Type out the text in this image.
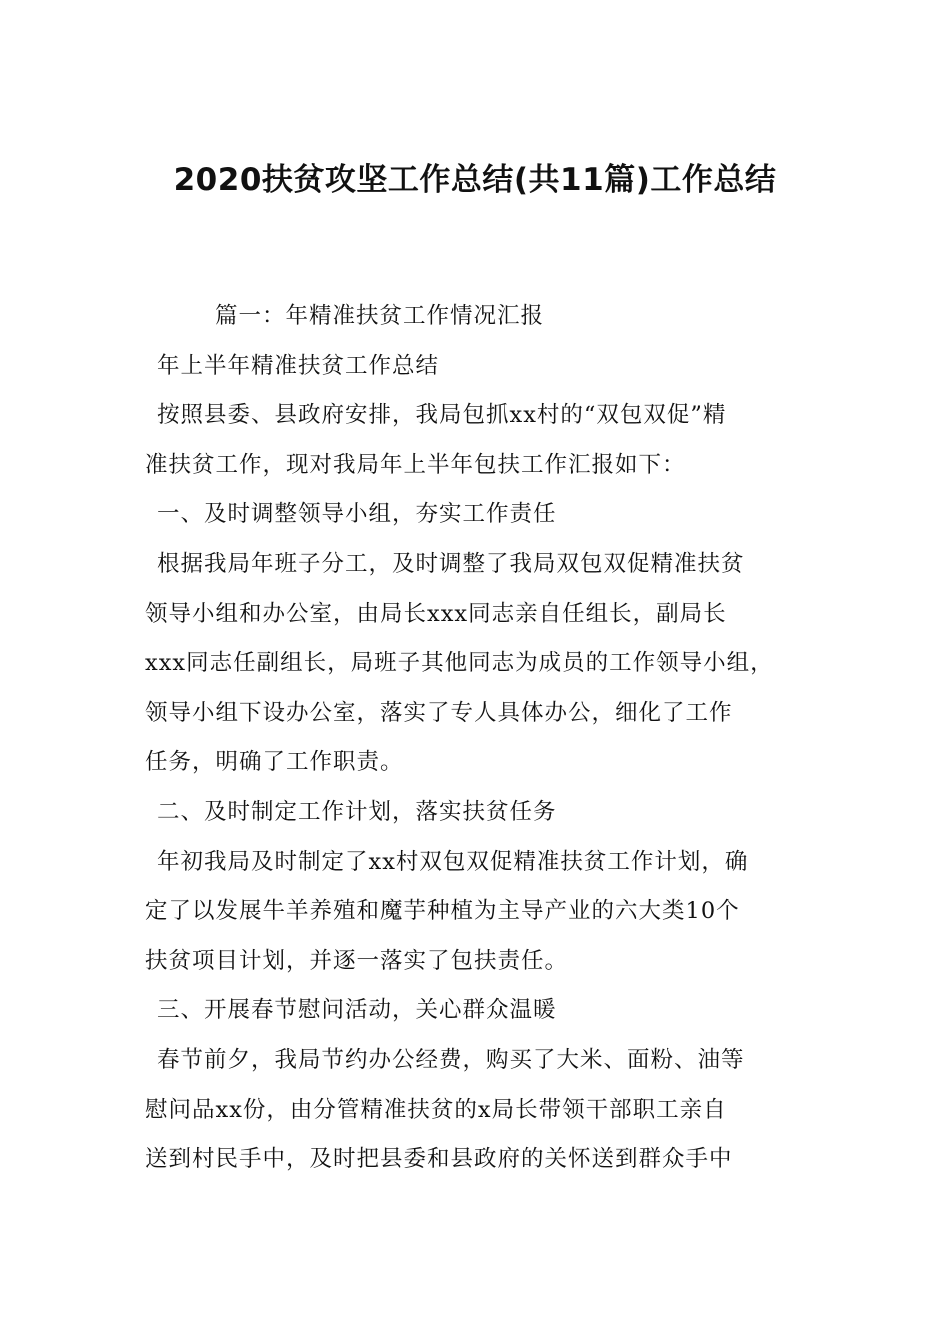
2020扶贫攻坚工作总结(共11篇)工作总结
篇一：年精准扶贫工作情况汇报
年上半年精准扶贫工作总结
按照县委、县政府安排，我局包抓xx村的“双包双促”精
准扶贫工作，现对我局年上半年包扶工作汇报如下：
一、及时调整领导小组，夯实工作责任
根据我局年班子分工，及时调整了我局双包双促精准扶贫
领导小组和办公室，由局长xxx同志亲自任组长，副局长
xxx同志任副组长，局班子其他同志为成员的工作领导小组，
领导小组下设办公室，落实了专人具体办公，细化了工作
任务，明确了工作职责。
二、及时制定工作计划，落实扶贫任务
年初我局及时制定了xx村双包双促精准扶贫工作计划，确
定了以发展牛羊养殖和魔芋种植为主导产业的六大类10个
扶贫项目计划，并逐一落实了包扶责任。
三、开展春节慰问活动，关心群众温暖
春节前夕，我局节约办公经费，购买了大米、面粉、油等
慰问品xx份，由分管精准扶贫的x局长带领干部职工亲自
送到村民手中，及时把县委和县政府的关怀送到群众手中
